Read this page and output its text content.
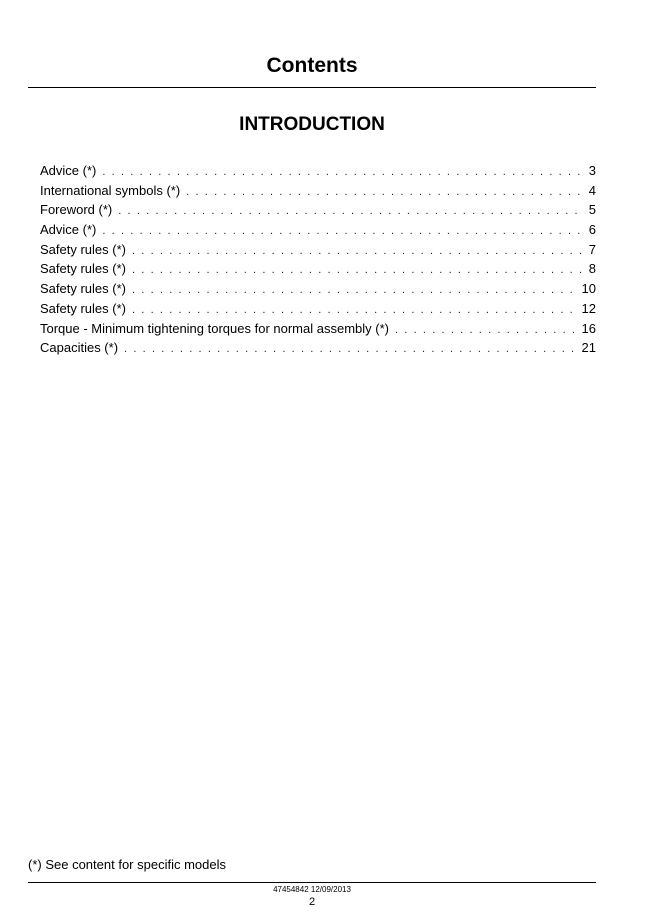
Contents
INTRODUCTION
Advice (*) . . .	3
International symbols (*) . . .	4
Foreword (*) . . .	5
Advice (*) . . .	6
Safety rules (*) . . .	7
Safety rules (*) . . .	8
Safety rules (*) . . .	10
Safety rules (*) . . .	12
Torque - Minimum tightening torques for normal assembly (*) . . .	16
Capacities (*) . . .	21
(*) See content for specific models
47454842 12/09/2013
2
